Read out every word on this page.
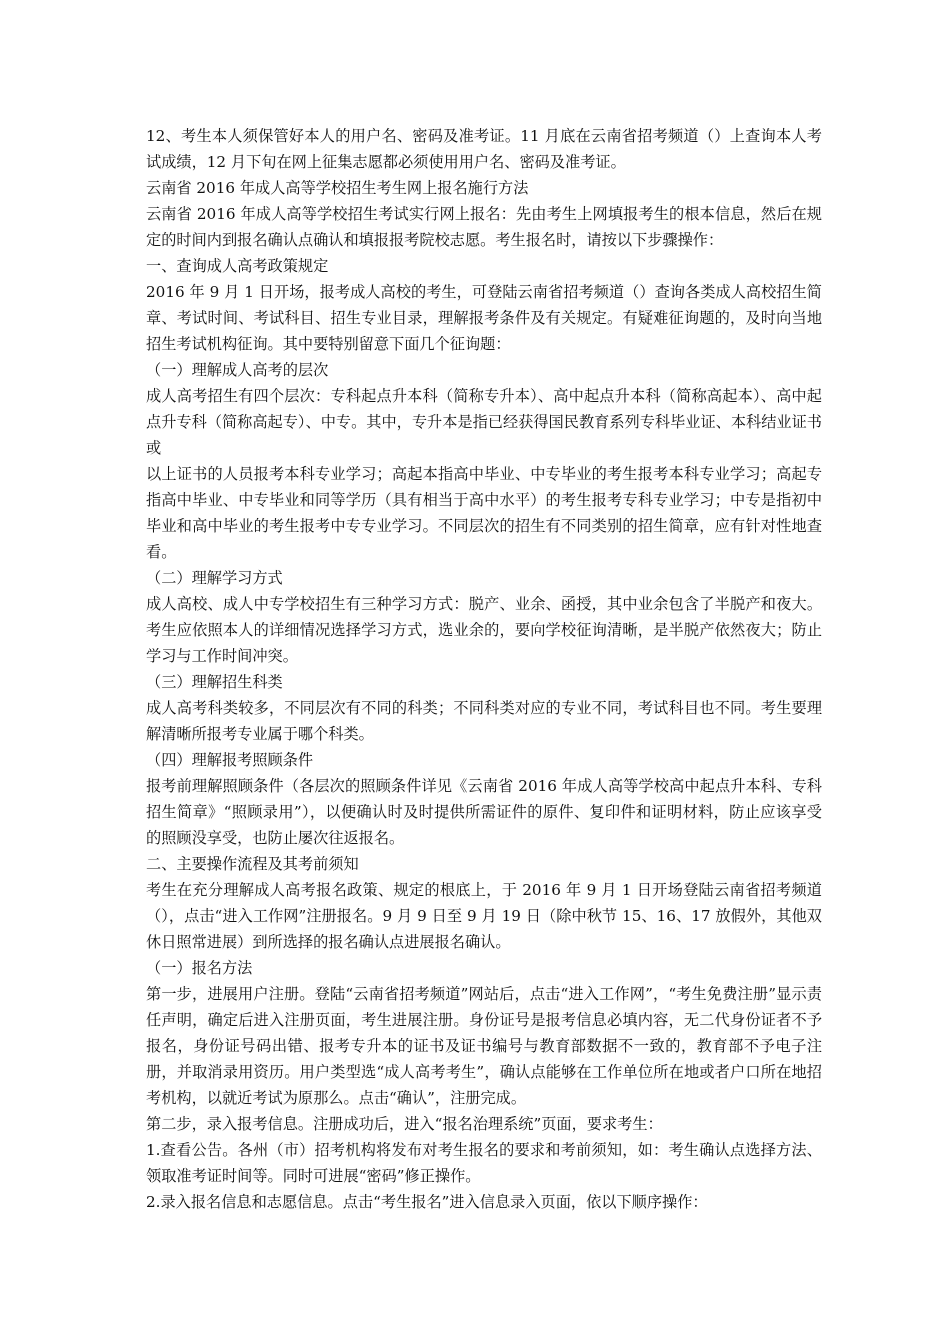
12、考生本人须保管好本人的用户名、密码及准考证。11 月底在云南省招考频道（）上查询本人考试成绩，12 月下旬在网上征集志愿都必须使用用户名、密码及准考证。

云南省 2016 年成人高等学校招生考生网上报名施行方法

云南省 2016 年成人高等学校招生考试实行网上报名：先由考生上网填报考生的根本信息，然后在规定的时间内到报名确认点确认和填报报考院校志愿。考生报名时，请按以下步骤操作：

一、查询成人高考政策规定

2016 年 9 月 1 日开场，报考成人高校的考生，可登陆云南省招考频道（）查询各类成人高校招生简章、考试时间、考试科目、招生专业目录，理解报考条件及有关规定。有疑难征询题的，及时向当地招生考试机构征询。其中要特别留意下面几个征询题：

（一）理解成人高考的层次

成人高考招生有四个层次：专科起点升本科（简称专升本）、高中起点升本科（简称高起本）、高中起点升专科（简称高起专）、中专。其中，专升本是指已经获得国民教育系列专科毕业证、本科结业证书或

以上证书的人员报考本科专业学习；高起本指高中毕业、中专毕业的考生报考本科专业学习；高起专指高中毕业、中专毕业和同等学历（具有相当于高中水平）的考生报考专科专业学习；中专是指初中毕业和高中毕业的考生报考中专专业学习。不同层次的招生有不同类别的招生简章，应有针对性地查看。

（二）理解学习方式

成人高校、成人中专学校招生有三种学习方式：脱产、业余、函授，其中业余包含了半脱产和夜大。考生应依照本人的详细情况选择学习方式，选业余的，要向学校征询清晰，是半脱产依然夜大；防止学习与工作时间冲突。

（三）理解招生科类

成人高考科类较多，不同层次有不同的科类；不同科类对应的专业不同，考试科目也不同。考生要理解清晰所报考专业属于哪个科类。

（四）理解报考照顾条件

报考前理解照顾条件（各层次的照顾条件详见《云南省 2016 年成人高等学校高中起点升本科、专科招生简章》“照顾录用”），以便确认时及时提供所需证件的原件、复印件和证明材料，防止应该享受的照顾没享受，也防止屡次往返报名。

二、主要操作流程及其考前须知

考生在充分理解成人高考报名政策、规定的根底上，于 2016 年 9 月 1 日开场登陆云南省招考频道（），点击“进入工作网”注册报名。9 月 9 日至 9 月 19 日（除中秋节 15、16、17 放假外，其他双休日照常进展）到所选择的报名确认点进展报名确认。

（一）报名方法

第一步，进展用户注册。登陆“云南省招考频道”网站后，点击“进入工作网”，“考生免费注册”显示责任声明，确定后进入注册页面，考生进展注册。身份证号是报考信息必填内容，无二代身份证者不予报名，身份证号码出错、报考专升本的证书及证书编号与教育部数据不一致的，教育部不予电子注册，并取消录用资历。用户类型选“成人高考考生”，确认点能够在工作单位所在地或者户口所在地招考机构，以就近考试为原那么。点击“确认”，注册完成。

第二步，录入报考信息。注册成功后，进入“报名治理系统”页面，要求考生：

1.查看公告。各州（市）招考机构将发布对考生报名的要求和考前须知，如：考生确认点选择方法、领取准考证时间等。同时可进展“密码”修正操作。

2.录入报名信息和志愿信息。点击“考生报名”进入信息录入页面，依以下顺序操作：
